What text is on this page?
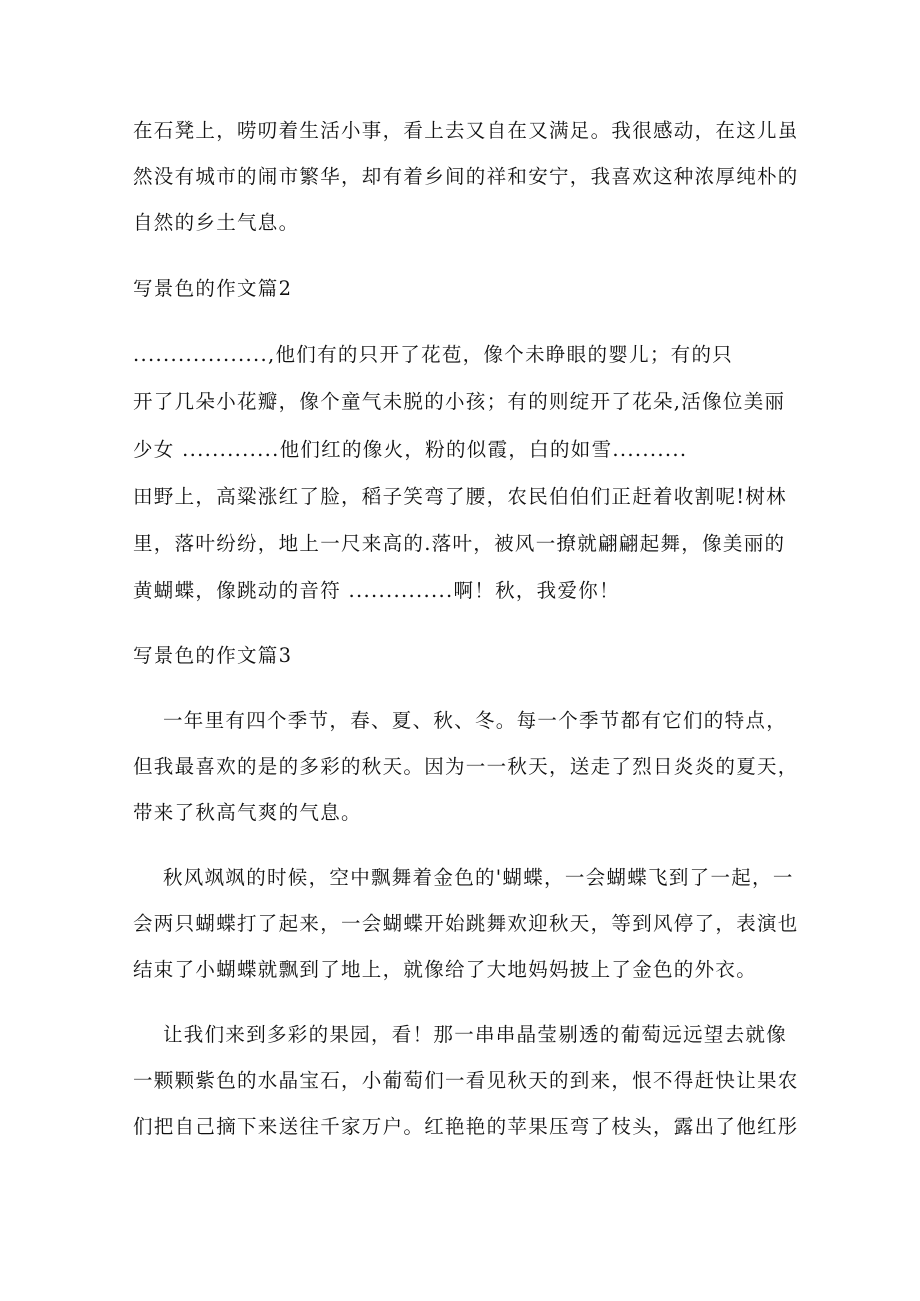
在石凳上，唠叨着生活小事，看上去又自在又满足。我很感动，在这儿虽
然没有城市的闹市繁华，却有着乡间的祥和安宁，我喜欢这种浓厚纯朴的
自然的乡土气息。
写景色的作文篇2
..................,他们有的只开了花苞，像个未睁眼的婴儿；有的只
开了几朵小花瓣，像个童气未脱的小孩；有的则绽开了花朵,活像位美丽
少女 .............他们红的像火，粉的似霞，白的如雪..........
田野上，高粱涨红了脸，稻子笑弯了腰，农民伯伯们正赶着收割呢!树林
里，落叶纷纷，地上一尺来高的.落叶，被风一撩就翩翩起舞，像美丽的
黄蝴蝶，像跳动的音符 ..............啊！秋，我爱你！
写景色的作文篇3
一年里有四个季节，春、夏、秋、冬。每一个季节都有它们的特点，
但我最喜欢的是的多彩的秋天。因为一一秋天，送走了烈日炎炎的夏天，
带来了秋高气爽的气息。
秋风飒飒的时候，空中飘舞着金色的'蝴蝶，一会蝴蝶飞到了一起，一
会两只蝴蝶打了起来，一会蝴蝶开始跳舞欢迎秋天，等到风停了，表演也
结束了小蝴蝶就飘到了地上，就像给了大地妈妈披上了金色的外衣。
让我们来到多彩的果园，看！那一串串晶莹剔透的葡萄远远望去就像
一颗颗紫色的水晶宝石，小葡萄们一看见秋天的到来，恨不得赶快让果农
们把自己摘下来送往千家万户。红艳艳的苹果压弯了枝头，露出了他红彤
